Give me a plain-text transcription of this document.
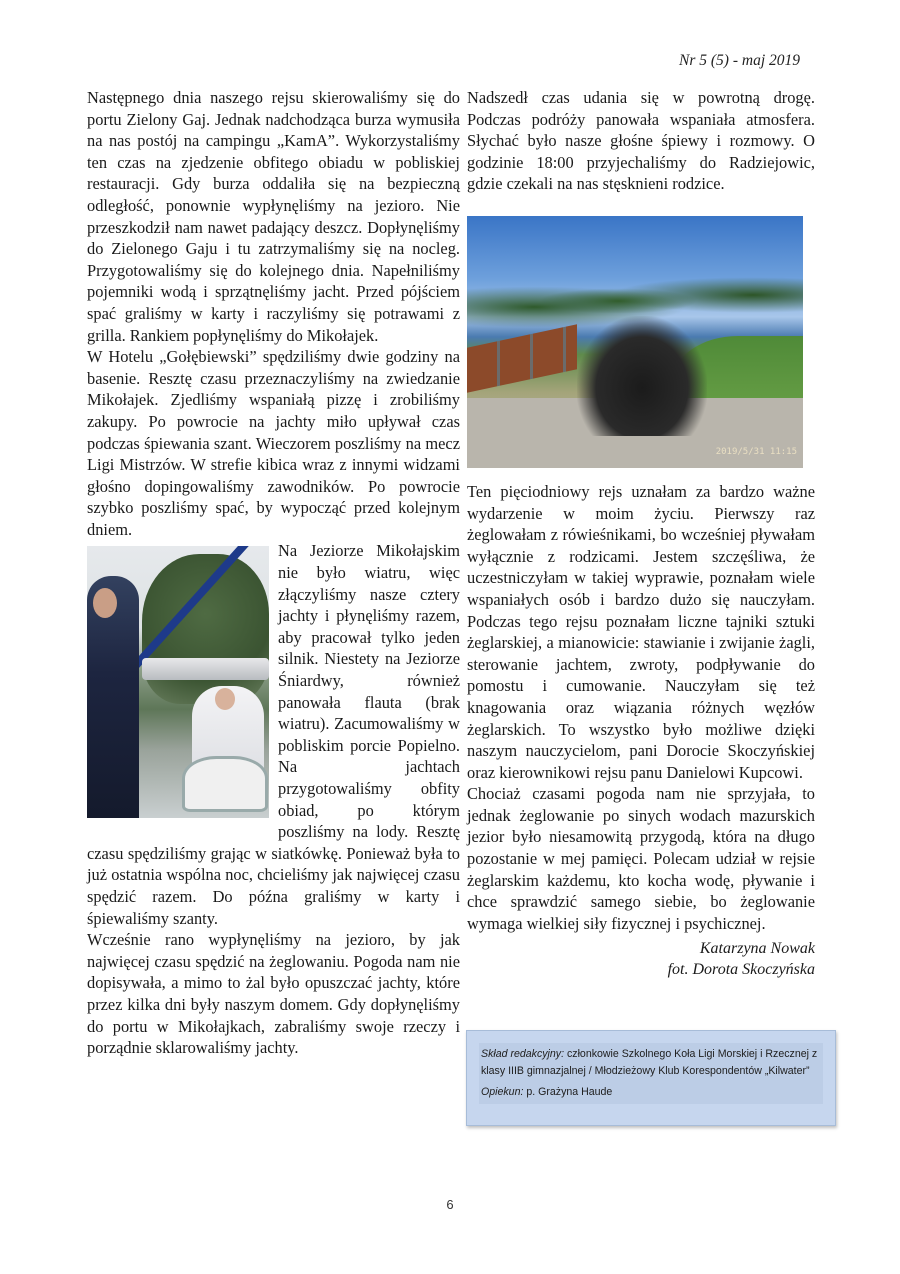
Nr 5 (5) - maj 2019

Następnego dnia naszego rejsu skierowaliśmy się do portu Zielony Gaj. Jednak nadchodząca burza wymusiła na nas postój na campingu „KamA”. Wykorzystaliśmy ten czas na zjedzenie obfitego obiadu w pobliskiej restauracji. Gdy burza oddaliła się na bezpieczną odległość, ponownie wypłynęliśmy na jezioro. Nie przeszkodził nam nawet padający deszcz. Dopłynęliśmy do Zielonego Gaju i tu zatrzymaliśmy się na nocleg. Przygotowaliśmy się do kolejnego dnia. Napełniliśmy pojemniki wodą i sprzątnęliśmy jacht. Przed pójściem spać graliśmy w karty i raczyliśmy się potrawami z grilla. Rankiem popłynęliśmy do Mikołajek.

W Hotelu „Gołębiewski” spędziliśmy dwie godziny na basenie. Resztę czasu przeznaczyliśmy na zwiedzanie Mikołajek. Zjedliśmy wspaniałą pizzę i zrobiliśmy zakupy. Po powrocie na jachty miło upływał czas podczas śpiewania szant. Wieczorem poszliśmy na mecz Ligi Mistrzów. W strefie kibica wraz z innymi widzami głośno dopingowaliśmy zawodników. Po powrocie szybko poszliśmy spać, by wypocząć przed kolejnym dniem.

Na Jeziorze Mikołajskim nie było wiatru, więc złączyliśmy nasze cztery jachty i płynęliśmy razem, aby pracował tylko jeden silnik. Niestety na Jeziorze Śniardwy, również panowała flauta (brak wiatru). Zacumowaliśmy w pobliskim porcie Popielno. Na jachtach przygotowaliśmy obfity obiad, po którym poszliśmy na lody. Resztę czasu spędziliśmy grając w siatkówkę. Ponieważ była to już ostatnia wspólna noc, chcieliśmy jak najwięcej czasu spędzić razem. Do późna graliśmy w karty i śpiewaliśmy szanty.

Wcześnie rano wypłynęliśmy na jezioro, by jak najwięcej czasu spędzić na żeglowaniu. Pogoda nam nie dopisywała, a mimo to żal było opuszczać jachty, które przez kilka dni były naszym domem. Gdy dopłynęliśmy do portu w Mikołajkach, zabraliśmy swoje rzeczy i porządnie sklarowaliśmy jachty.

Nadszedł czas udania się w powrotną drogę. Podczas podróży panowała wspaniała atmosfera. Słychać było nasze głośne śpiewy i rozmowy. O godzinie 18:00 przyjechaliśmy do Radziejowic, gdzie czekali na nas stęsknieni rodzice.

2019/5/31 11:15

Ten pięciodniowy rejs uznałam za bardzo ważne wydarzenie w moim życiu. Pierwszy raz żeglowałam z rówieśnikami, bo wcześniej pływałam wyłącznie z rodzicami. Jestem szczęśliwa, że uczestniczyłam w takiej wyprawie, poznałam wiele wspaniałych osób i bardzo dużo się nauczyłam. Podczas tego rejsu poznałam liczne tajniki sztuki żeglarskiej, a mianowicie: stawianie i zwijanie żagli, sterowanie jachtem, zwroty, podpływanie do pomostu i cumowanie. Nauczyłam się też knagowania oraz wiązania różnych węzłów żeglarskich. To wszystko było możliwe dzięki naszym nauczycielom, pani Dorocie Skoczyńskiej oraz kierownikowi rejsu panu Danielowi Kupcowi.

Chociaż czasami pogoda nam nie sprzyjała, to jednak żeglowanie po sinych wodach mazurskich jezior było niesamowitą przygodą, która na długo pozostanie w mej pamięci. Polecam udział w rejsie żeglarskim każdemu, kto kocha wodę, pływanie i chce sprawdzić samego siebie, bo żeglowanie wymaga wielkiej siły fizycznej i psychicznej.

Katarzyna Nowak
fot. Dorota Skoczyńska

Skład redakcyjny: członkowie Szkolnego Koła Ligi Morskiej i Rzecznej z klasy IIIB gimnazjalnej / Młodzieżowy Klub Korespondentów „Kilwater”

Opiekun: p. Grażyna Haude

6
